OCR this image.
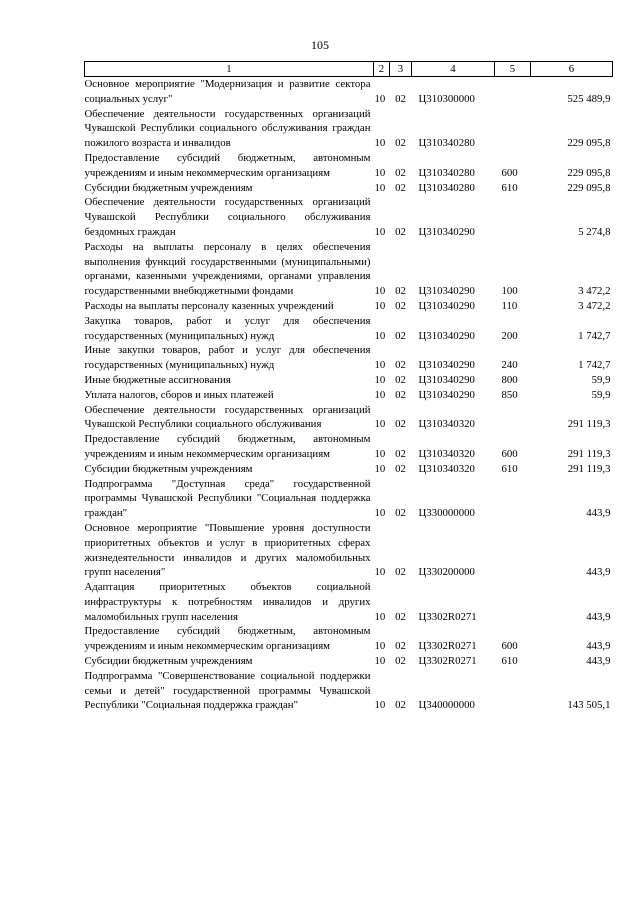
105
1	2	3	4	5	6
Основное мероприятие "Модернизация и развитие сектора социальных услуг"	10	02	Ц310300000		525 489,9
Обеспечение деятельности государственных организаций Чувашской Республики социального обслуживания граждан пожилого возраста и инвалидов	10	02	Ц310340280		229 095,8
Предоставление субсидий бюджетным, автономным учреждениям и иным некоммерческим организациям	10	02	Ц310340280	600	229 095,8
Субсидии бюджетным учреждениям	10	02	Ц310340280	610	229 095,8
Обеспечение деятельности государственных организаций Чувашской Республики социального обслуживания бездомных граждан	10	02	Ц310340290		5 274,8
Расходы на выплаты персоналу в целях обеспечения выполнения функций государственными (муниципальными) органами, казенными учреждениями, органами управления государственными внебюджетными фондами	10	02	Ц310340290	100	3 472,2
Расходы на выплаты персоналу казенных учреждений	10	02	Ц310340290	110	3 472,2
Закупка товаров, работ и услуг для обеспечения государственных (муниципальных) нужд	10	02	Ц310340290	200	1 742,7
Иные закупки товаров, работ и услуг для обеспечения государственных (муниципальных) нужд	10	02	Ц310340290	240	1 742,7
Иные бюджетные ассигнования	10	02	Ц310340290	800	59,9
Уплата налогов, сборов и иных платежей	10	02	Ц310340290	850	59,9
Обеспечение деятельности государственных организаций Чувашской Республики социального обслуживания	10	02	Ц310340320		291 119,3
Предоставление субсидий бюджетным, автономным учреждениям и иным некоммерческим организациям	10	02	Ц310340320	600	291 119,3
Субсидии бюджетным учреждениям	10	02	Ц310340320	610	291 119,3
Подпрограмма "Доступная среда" государственной программы Чувашской Республики "Социальная поддержка граждан"	10	02	Ц330000000		443,9
Основное мероприятие "Повышение уровня доступности приоритетных объектов и услуг в приоритетных сферах жизнедеятельности инвалидов и других маломобильных групп населения"	10	02	Ц330200000		443,9
Адаптация приоритетных объектов социальной инфраструктуры к потребностям инвалидов и других маломобильных групп населения	10	02	Ц3302R0271		443,9
Предоставление субсидий бюджетным, автономным учреждениям и иным некоммерческим организациям	10	02	Ц3302R0271	600	443,9
Субсидии бюджетным учреждениям	10	02	Ц3302R0271	610	443,9
Подпрограмма "Совершенствование социальной поддержки семьи и детей" государственной программы Чувашской Республики "Социальная поддержка граждан"	10	02	Ц340000000		143 505,1
